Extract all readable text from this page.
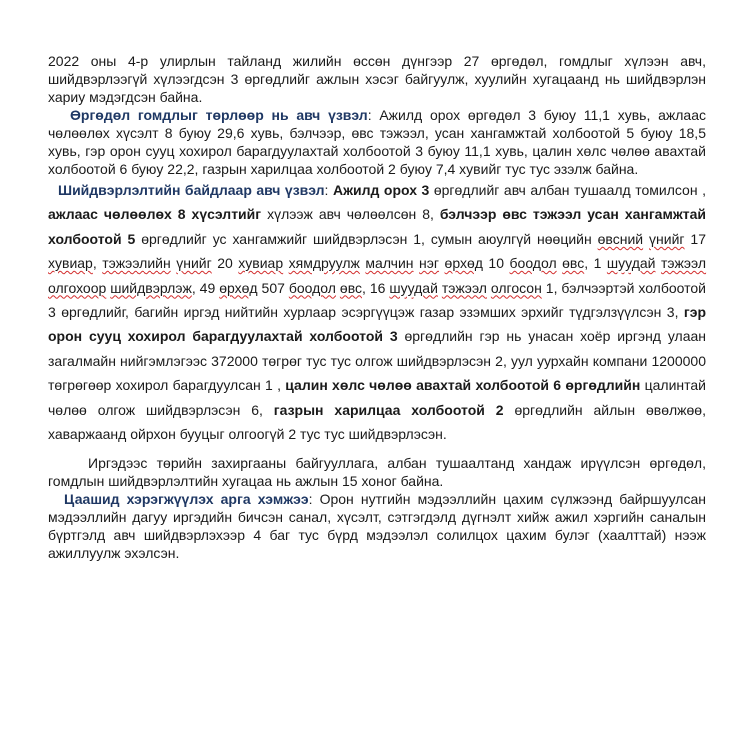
2022 оны 4-р улирлын тайланд жилийн өссөн дүнгээр 27 өргөдөл, гомдлыг хүлээн авч, шийдвэрлээгүй хүлээгдсэн 3 өргөдлийг ажлын хэсэг байгуулж, хуулийн хугацаанд нь шийдвэрлэн хариу мэдэгдсэн байна.

Өргөдөл гомдлыг төрлөөр нь авч үзвэл: Ажилд орох өргөдөл 3 буюу 11,1 хувь, ажлаас чөлөөлөх хүсэлт 8 буюу 29,6 хувь, бэлчээр, өвс тэжээл, усан хангамжтай холбоотой 5 буюу 18,5 хувь, гэр орон сууц хохирол барагдуулахтай холбоотой 3 буюу 11,1 хувь, цалин хөлс чөлөө авахтай холбоотой 6 буюу 22,2, газрын харилцаа холбоотой 2 буюу 7,4 хувийг тус тус эзэлж байна.

Шийдвэрлэлтийн байдлаар авч үзвэл: Ажилд орох 3 өргөдлийг авч албан тушаалд томилсон , ажлаас чөлөөлөх 8 хүсэлтийг хүлээж авч чөлөөлсөн 8, бэлчээр өвс тэжээл усан хангамжтай холбоотой 5 өргөдлийг ус хангамжийг шийдвэрлэсэн 1, сумын аюулгүй нөөцийн өвсний үнийг 17 хувиар, тэжээлийн үнийг 20 хувиар хямдруулж малчин нэг өрхөд 10 боодол өвс, 1 шуудай тэжээл олгохоор шийдвэрлэж, 49 өрхөд 507 боодол өвс, 16 шуудай тэжээл олгосон 1, бэлчээртэй холбоотой 3 өргөдлийг, багийн иргэд нийтийн хурлаар эсэргүүцэж газар эзэмших эрхийг түдгэлзүүлсэн 3, гэр орон сууц хохирол барагдуулахтай холбоотой 3 өргөдлийн гэр нь унасан хоёр иргэнд улаан загалмайн нийгэмлэгээс 372000 төгрөг тус тус олгож шийдвэрлэсэн 2, уул уурхайн компани 1200000 төгрөгөөр хохирол барагдуулсан 1 , цалин хөлс чөлөө авахтай холбоотой 6 өргөдлийн цалинтай чөлөө олгож шийдвэрлэсэн 6, газрын харилцаа холбоотой 2 өргөдлийн айлын өвөлжөө, хаваржаанд ойрхон бууцыг олгоогүй 2 тус тус шийдвэрлэсэн.

Иргэдээс төрийн захиргааны байгууллага, албан тушаалтанд хандаж ирүүлсэн өргөдөл, гомдлын шийдвэрлэлтийн хугацаа нь ажлын 15 хоног байна.

Цаашид хэрэгжүүлэх арга хэмжээ: Орон нутгийн мэдээллийн цахим сүлжээнд байршуулсан мэдээллийн дагуу иргэдийн бичсэн санал, хүсэлт, сэтгэгдэлд дүгнэлт хийж ажил хэргийн саналын бүртгэлд авч шийдвэрлэхээр 4 баг тус бүрд мэдээлэл солилцох цахим булэг (хаалттай) нээж ажиллуулж эхэлсэн.
